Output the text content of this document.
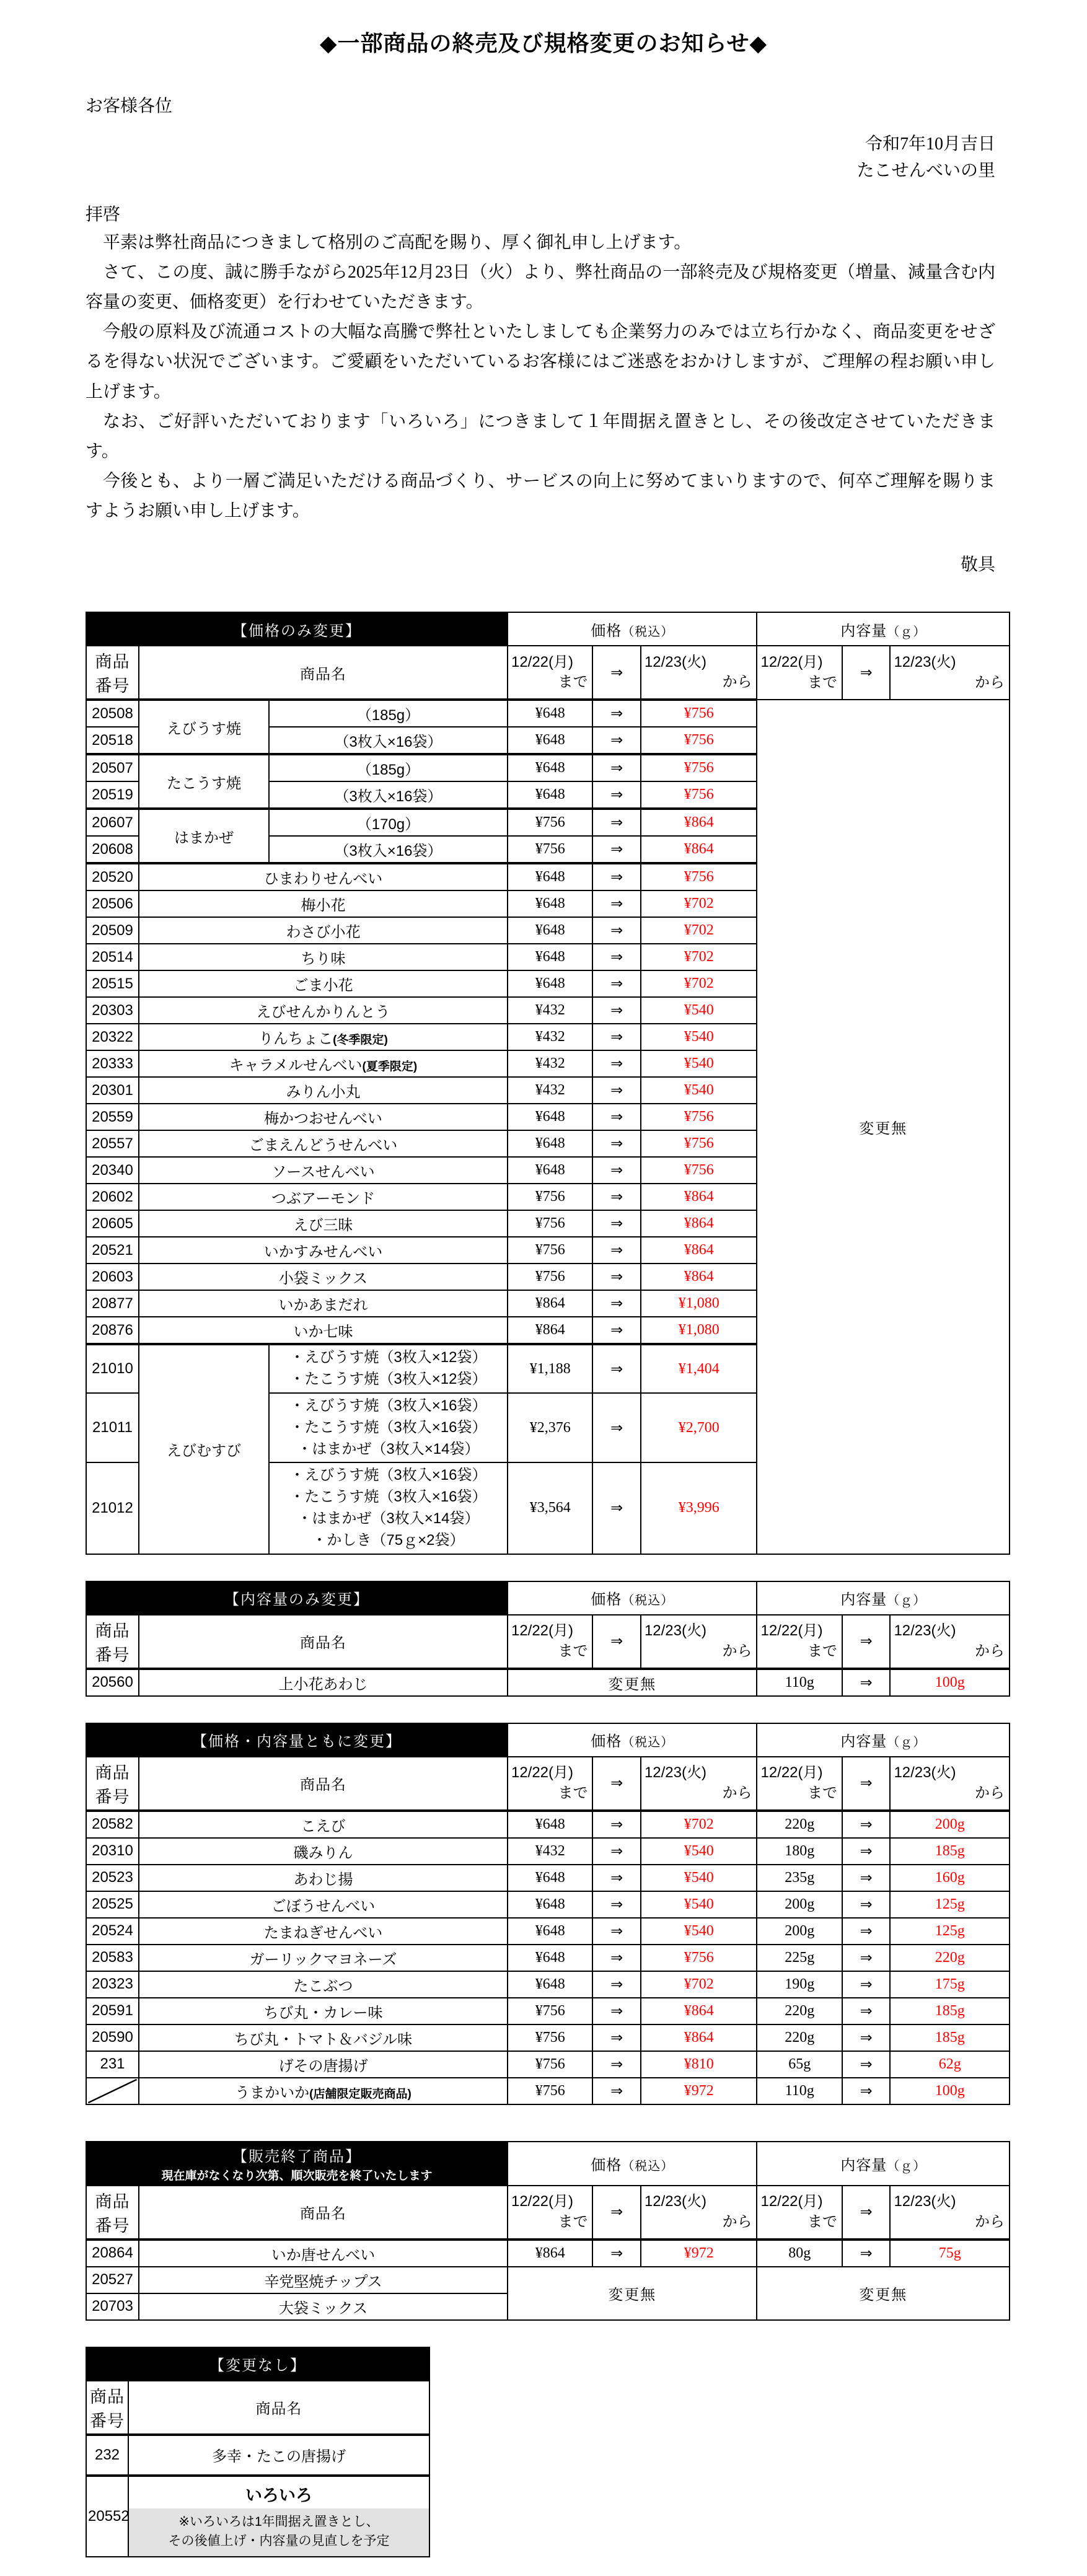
◆一部商品の終売及び規格変更のお知らせ◆
お客様各位
令和7年10月吉日
たこせんべいの里
拝啓

平素は弊社商品につきまして格別のご高配を賜り、厚く御礼申し上げます。

さて、この度、誠に勝手ながら2025年12月23日（火）より、弊社商品の一部終売及び規格変更（増量、減量含む内容量の変更、価格変更）を行わせていただきます。

今般の原料及び流通コストの大幅な高騰で弊社といたしましても企業努力のみでは立ち行かなく、商品変更をせざるを得ない状況でございます。ご愛顧をいただいているお客様にはご迷惑をおかけしますが、ご理解の程お願い申し上げます。

なお、ご好評いただいております「いろいろ」につきまして１年間据え置きとし、その後改定させていただきます。

今後とも、より一層ご満足いただける商品づくり、サービスの向上に努めてまいりますので、何卒ご理解を賜りますようお願い申し上げます。

敬具
【価格のみ変更】			価格（税込）			内容量（ｇ）		

商品
番号	商品名		12/22(月)
まで	⇒	12/23(火)
から	12/22(月)
まで	⇒	12/23(火)
から

20508	えびうす焼	（185g）	¥648	⇒	¥756	変更無		
20518		（3枚入×16袋）	¥648	⇒	¥756			
20507	たこうす焼	（185g）	¥648	⇒	¥756			
20519		（3枚入×16袋）	¥648	⇒	¥756			
20607	はまかぜ	（170g）	¥756	⇒	¥864			
20608		（3枚入×16袋）	¥756	⇒	¥864			
20520	ひまわりせんべい		¥648	⇒	¥756			
20506	梅小花		¥648	⇒	¥702			
20509	わさび小花		¥648	⇒	¥702			
20514	ちり味		¥648	⇒	¥702			
20515	ごま小花		¥648	⇒	¥702			
20303	えびせんかりんとう		¥432	⇒	¥540			
20322	りんちょこ(冬季限定)		¥432	⇒	¥540			
20333	キャラメルせんべい(夏季限定)		¥432	⇒	¥540			
20301	みりん小丸		¥432	⇒	¥540			
20559	梅かつおせんべい		¥648	⇒	¥756			
20557	ごまえんどうせんべい		¥648	⇒	¥756			
20340	ソースせんべい		¥648	⇒	¥756			
20602	つぶアーモンド		¥756	⇒	¥864			
20605	えび三昧		¥756	⇒	¥864			
20521	いかすみせんべい		¥756	⇒	¥864			
20603	小袋ミックス		¥756	⇒	¥864			
20877	いかあまだれ		¥864	⇒	¥1,080			
20876	いか七味		¥864	⇒	¥1,080			
21010	えびむすび	・えびうす焼（3枚入×12袋）
・たこうす焼（3枚入×12袋）	¥1,188	⇒	¥1,404			
21011		・えびうす焼（3枚入×16袋）
・たこうす焼（3枚入×16袋）
・はまかぜ（3枚入×14袋）	¥2,376	⇒	¥2,700			
21012		・えびうす焼（3枚入×16袋）
・たこうす焼（3枚入×16袋）
・はまかぜ（3枚入×14袋）
・かしき（75ｇ×2袋）	¥3,564	⇒	¥3,996			
【内容量のみ変更】		価格（税込）			内容量（ｇ）		

商品
番号	商品名	12/22(月)
まで	⇒	12/23(火)
から	12/22(月)
まで	⇒	12/23(火)
から

20560	上小花あわじ	変更無			110g	⇒	100g
【価格・内容量ともに変更】		価格（税込）			内容量（ｇ）		

商品
番号	商品名	12/22(月)
まで	⇒	12/23(火)
から	12/22(月)
まで	⇒	12/23(火)
から

20582	こえび	¥648	⇒	¥702	220g	⇒	200g
20310	磯みりん	¥432	⇒	¥540	180g	⇒	185g
20523	あわじ揚	¥648	⇒	¥540	235g	⇒	160g
20525	ごぼうせんべい	¥648	⇒	¥540	200g	⇒	125g
20524	たまねぎせんべい	¥648	⇒	¥540	200g	⇒	125g
20583	ガーリックマヨネーズ	¥648	⇒	¥756	225g	⇒	220g
20323	たこぶつ	¥648	⇒	¥702	190g	⇒	175g
20591	ちび丸・カレー味	¥756	⇒	¥864	220g	⇒	185g
20590	ちび丸・トマト＆バジル味	¥756	⇒	¥864	220g	⇒	185g
231	げその唐揚げ	¥756	⇒	¥810	65g	⇒	62g

	うまかいか(店舗限定販売商品)	¥756	⇒	¥972	110g	⇒	100g
【販売終了商品】
現在庫がなくなり次第、順次販売を終了いたします		価格（税込）			内容量（ｇ）		

商品
番号	商品名	12/22(月)
まで	⇒	12/23(火)
から	12/22(月)
まで	⇒	12/23(火)
から

20864	いか唐せんべい	¥864	⇒	¥972	80g	⇒	75g
20527	辛党堅焼チップス	変更無			変更無		
20703	大袋ミックス						
【変更なし】	

商品
番号	商品名
232	多幸・たこの唐揚げ
20552	いろいろ
※いろいろは1年間据え置きとし、
その後値上げ・内容量の見直しを予定
